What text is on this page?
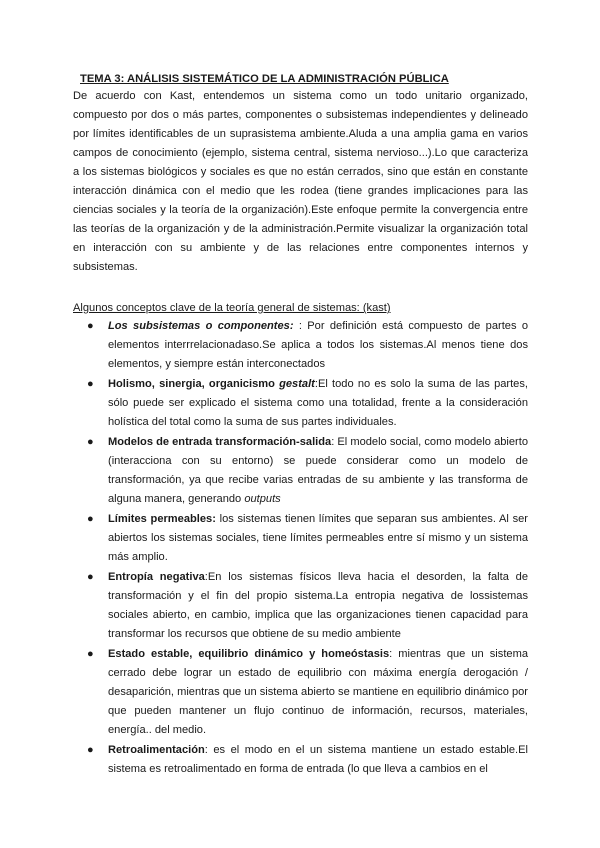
TEMA 3: ANÁLISIS SISTEMÁTICO DE LA ADMINISTRACIÓN PÚBLICA

De acuerdo con Kast, entendemos un sistema como un todo unitario organizado, compuesto por dos o más partes, componentes o subsistemas independientes y delineado por límites identificables de un suprasistema ambiente.Aluda a una amplia gama en varios campos de conocimiento (ejemplo, sistema central, sistema nervioso...).Lo que caracteriza a los sistemas biológicos y sociales es que no están cerrados, sino que están en constante interacción dinámica con el medio que les rodea (tiene grandes implicaciones para las ciencias sociales y la teoría de la organización).Este enfoque permite la convergencia entre las teorías de la organización y de la administración.Permite visualizar la organización total en interacción con su ambiente y de las relaciones entre componentes internos y subsistemas.

Algunos conceptos clave de la teoría general de sistemas: (kast)

● Los subsistemas o componentes: : Por definición está compuesto de partes o elementos interrrelacionadaso.Se aplica a todos los sistemas.Al menos tiene dos elementos, y siempre están interconectados
● Holismo, sinergia, organicismo gestalt:El todo no es solo la suma de las partes, sólo puede ser explicado el sistema como una totalidad, frente a la consideración holística del total como la suma de sus partes individuales.
● Modelos de entrada transformación-salida: El modelo social, como modelo abierto (interacciona con su entorno) se puede considerar como un modelo de transformación, ya que recibe varias entradas de su ambiente y las transforma de alguna manera, generando outputs
● Límites permeables: los sistemas tienen límites que separan sus ambientes. Al ser abiertos los sistemas sociales, tiene límites permeables entre sí mismo y un sistema más amplio.
● Entropía negativa:En los sistemas físicos lleva hacia el desorden, la falta de transformación y el fin del propio sistema.La entropia negativa de lossistemas sociales abierto, en cambio, implica que las organizaciones tienen capacidad para transformar los recursos que obtiene de su medio ambiente
● Estado estable, equilibrio dinámico y homeóstasis: mientras que un sistema cerrado debe lograr un estado de equilibrio con máxima energía derogación / desaparición, mientras que un sistema abierto se mantiene en equilibrio dinámico por que pueden mantener un flujo continuo de información, recursos, materiales, energía.. del medio.
● Retroalimentación: es el modo en el un sistema mantiene un estado estable.El sistema es retroalimentado en forma de entrada (lo que lleva a cambios en el
